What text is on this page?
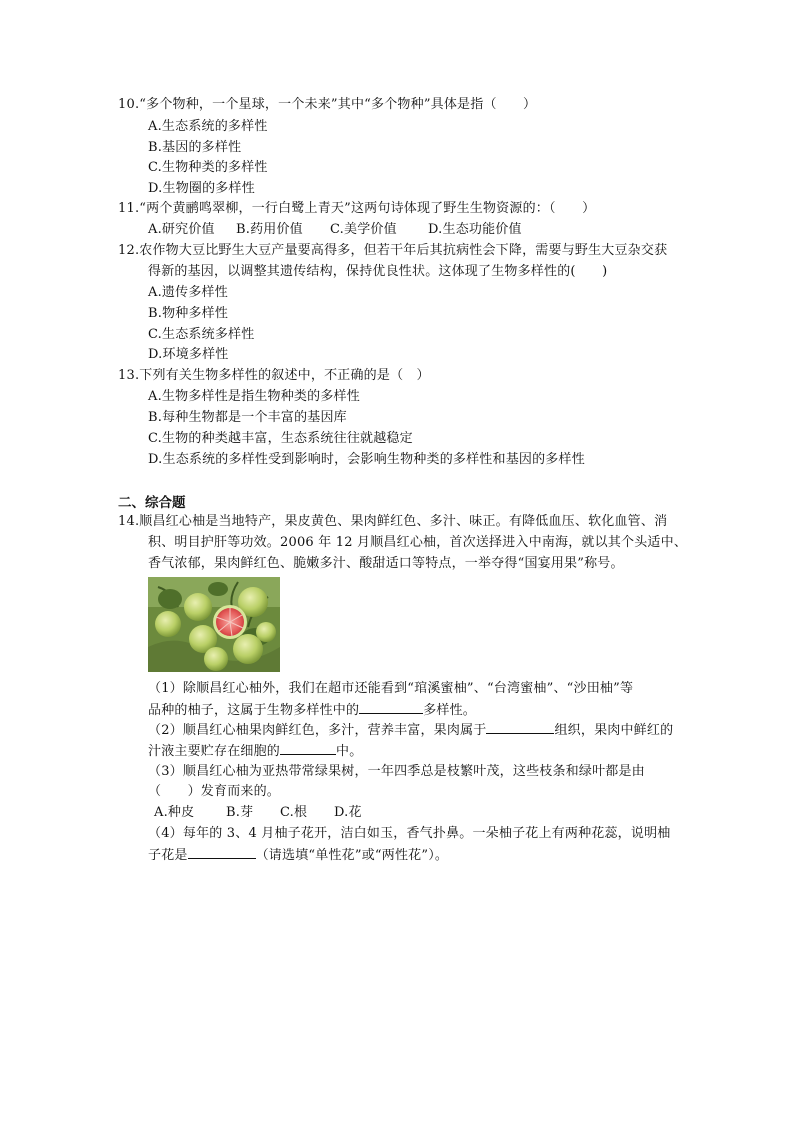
10.“多个物种，一个星球，一个未来”其中“多个物种”具体是指（　　）
A.生态系统的多样性
B.基因的多样性
C.生物种类的多样性
D.生物圈的多样性
11.“两个黄鹂鸣翠柳，一行白鹭上青天”这两句诗体现了野生生物资源的：（　　）
A.研究价值 B.药用价值 C.美学价值 D.生态功能价值
12.农作物大豆比野生大豆产量要高得多，但若干年后其抗病性会下降，需要与野生大豆杂交获
得新的基因，以调整其遗传结构，保持优良性状。这体现了生物多样性的(　　)
A.遗传多样性
B.物种多样性
C.生态系统多样性
D.环境多样性
13.下列有关生物多样性的叙述中，不正确的是（　）
A.生物多样性是指生物种类的多样性
B.每种生物都是一个丰富的基因库
C.生物的种类越丰富，生态系统往往就越稳定
D.生态系统的多样性受到影响时，会影响生物种类的多样性和基因的多样性
二、综合题
14.顺昌红心柚是当地特产，果皮黄色、果肉鲜红色、多汁、味正。有降低血压、软化血管、消
积、明目护肝等功效。2006 年 12 月顺昌红心柚，首次送择进入中南海，就以其个头适中、
香气浓郁，果肉鲜红色、脆嫩多汁、酸甜适口等特点，一举夺得“国宴用果”称号。
（1）除顺昌红心柚外，我们在超市还能看到“琯溪蜜柚”、“台湾蜜柚”、“沙田柚”等
品种的柚子，这属于生物多样性中的	多样性。
（2）顺昌红心柚果肉鲜红色，多汁，营养丰富，果肉属于	组织，果肉中鲜红的
汁液主要贮存在细胞的	中。
（3）顺昌红心柚为亚热带常绿果树，一年四季总是枝繁叶茂，这些枝条和绿叶都是由
（　　）发育而来的。
A.种皮 B.芽 C.根 D.花
（4）每年的 3、4 月柚子花开，洁白如玉，香气扑鼻。一朵柚子花上有两种花蕊，说明柚
子花是	（请选填“单性花”或“两性花”）。
